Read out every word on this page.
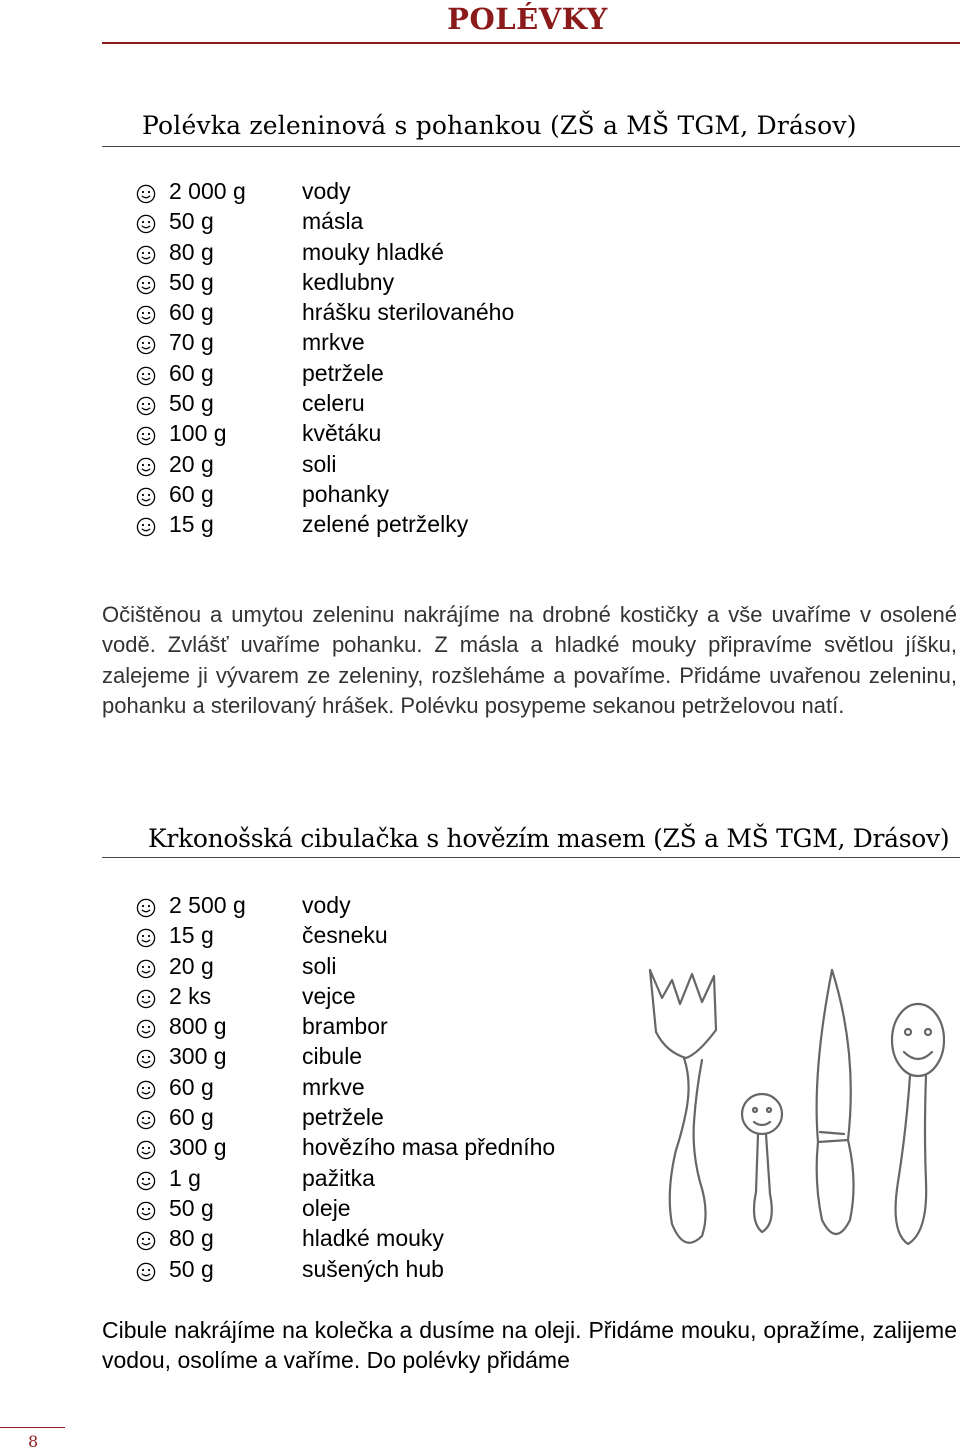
POLÉVKY
Polévka zeleninová s pohankou (ZŠ a MŠ TGM, Drásov)
2 000 g vody
50 g	másla
80 g	mouky hladké
50 g	kedlubny
60 g	hrášku sterilovaného
70 g	mrkve
60 g	petržele
50 g	celeru
100 g	květáku
20 g	soli
60 g	pohanky
15 g	zelené petrželky
Očištěnou a umytou zeleninu nakrájíme na drobné kostičky a vše uvaříme v osolené vodě. Zvlášť uvaříme pohanku. Z másla a hladké mouky připravíme světlou jíšku, zalejeme ji vývarem ze zeleniny, rozšleháme a povaříme. Přidáme uvařenou zeleninu, pohanku a sterilovaný hrášek. Polévku posypeme sekanou petrželovou natí.
Krkonošská cibulačka s hovězím masem (ZŠ a MŠ TGM, Drásov)
2 500 g vody
15 g	česneku
20 g	soli
2 ks	vejce
800 g	brambor
300 g	cibule
60 g	mrkve
60 g	petržele
300 g	hovězího masa předního
1 g	pažitka
50 g	oleje
80 g	hladké mouky
50 g	sušených hub
Cibule nakrájíme na kolečka a dusíme na oleji. Přidáme mouku, opražíme, zalijeme vodou, osolíme a vaříme. Do polévky přidáme
8
